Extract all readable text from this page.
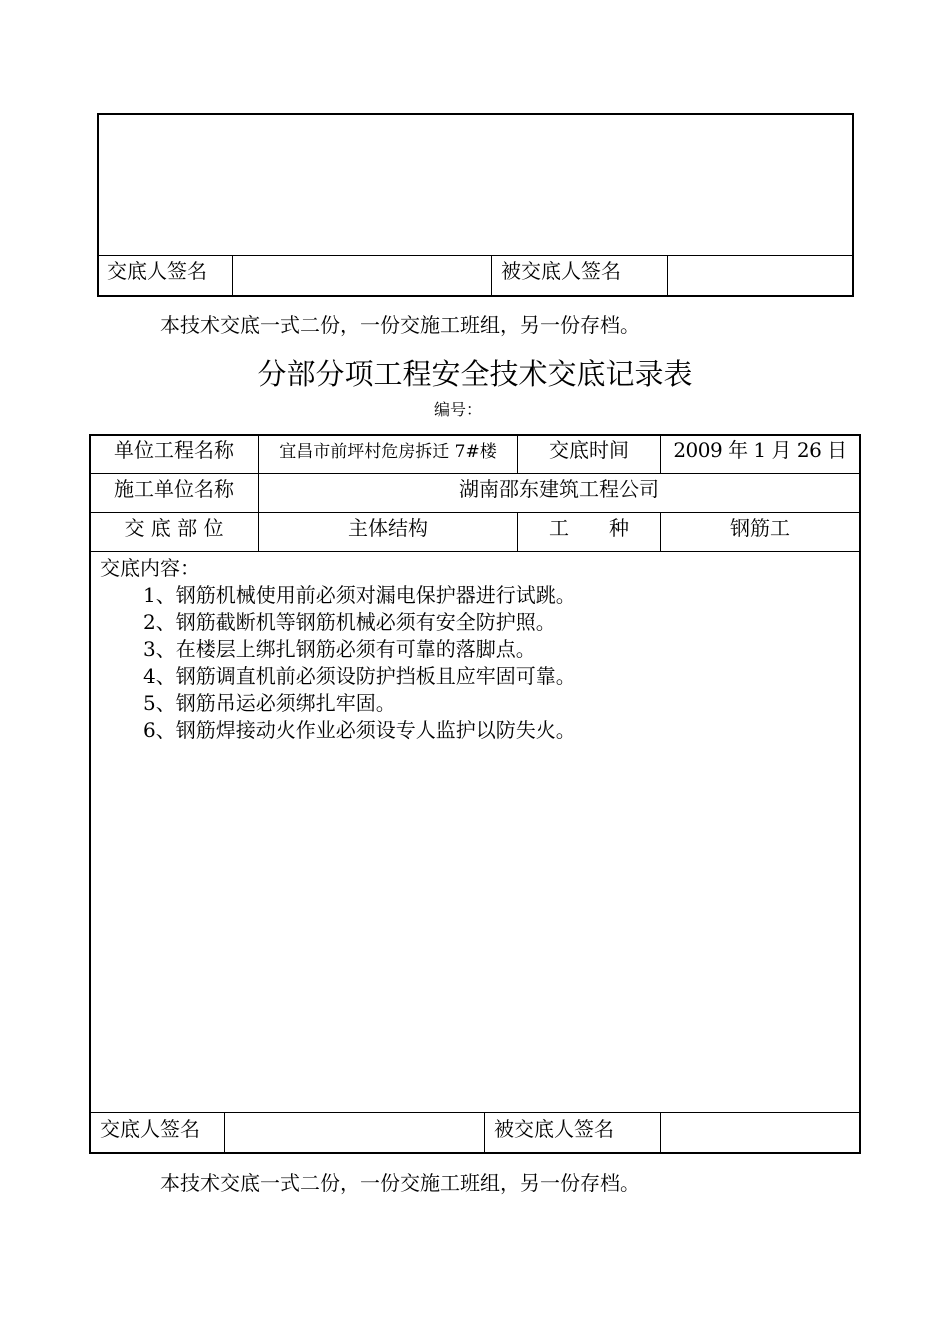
交底人签名	被交底人签名
本技术交底一式二份，一份交施工班组，另一份存档。
分部分项工程安全技术交底记录表
编号：
单位工程名称	宜昌市前坪村危房拆迁 7#楼	交底时间	2009 年 1 月 26 日
施工单位名称	湖南邵东建筑工程公司
交 底 部 位	主体结构	工　　种	钢筋工
交底内容：
1、钢筋机械使用前必须对漏电保护器进行试跳。
2、钢筋截断机等钢筋机械必须有安全防护照。
3、在楼层上绑扎钢筋必须有可靠的落脚点。
4、钢筋调直机前必须设防护挡板且应牢固可靠。
5、钢筋吊运必须绑扎牢固。
6、钢筋焊接动火作业必须设专人监护以防失火。
交底人签名	被交底人签名
本技术交底一式二份，一份交施工班组，另一份存档。
